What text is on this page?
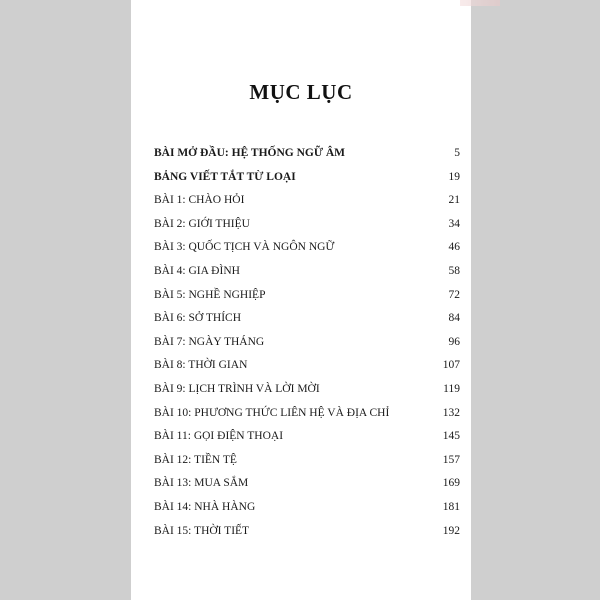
MỤC LỤC
BÀI MỞ ĐẦU: HỆ THỐNG NGỮ ÂM	5
BẢNG VIẾT TẮT TỪ LOẠI	19
BÀI 1: CHÀO HỎI	21
BÀI 2: GIỚI THIỆU	34
BÀI 3: QUỐC TỊCH VÀ NGÔN NGỮ	46
BÀI 4: GIA ĐÌNH	58
BÀI 5: NGHỀ NGHIỆP	72
BÀI 6: SỞ THÍCH	84
BÀI 7: NGÀY THÁNG	96
BÀI 8: THỜI GIAN	107
BÀI 9: LỊCH TRÌNH VÀ LỜI MỜI	119
BÀI 10: PHƯƠNG THỨC LIÊN HỆ VÀ ĐỊA CHỈ	132
BÀI 11: GỌI ĐIỆN THOẠI	145
BÀI 12: TIỀN TỆ	157
BÀI 13: MUA SẮM	169
BÀI 14: NHÀ HÀNG	181
BÀI 15: THỜI TIẾT	192
